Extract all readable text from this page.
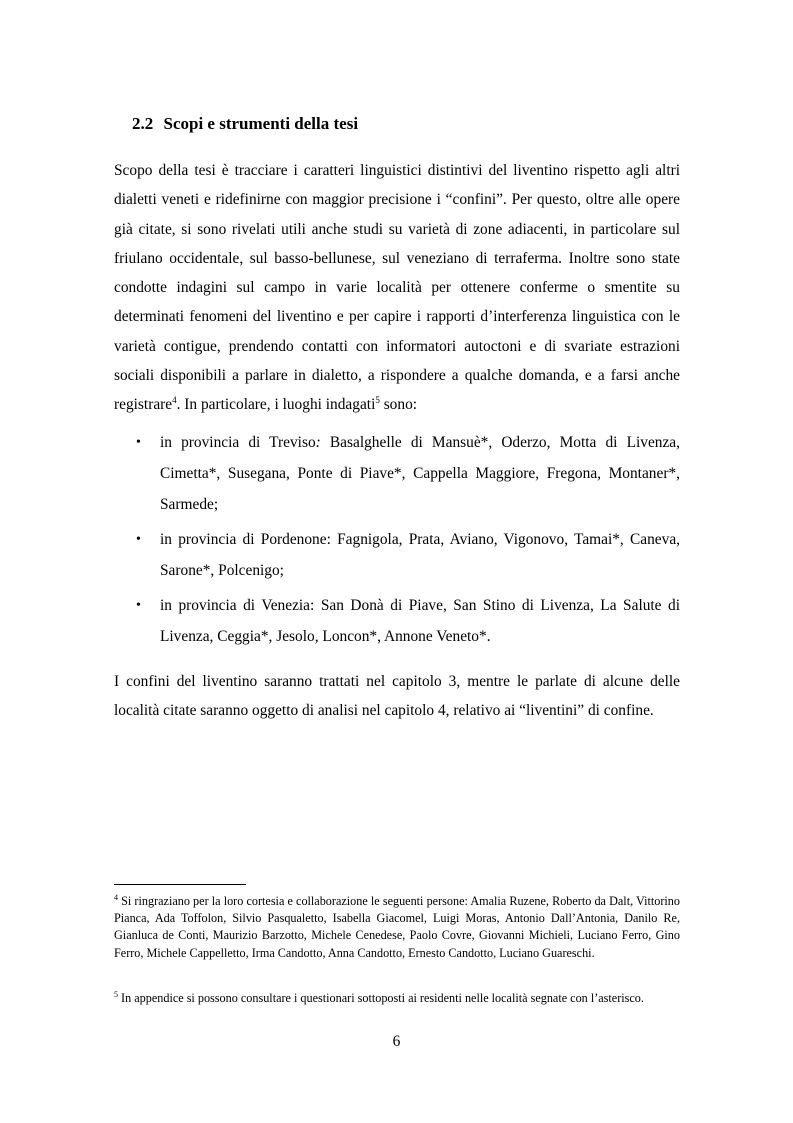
2.2 Scopi e strumenti della tesi

Scopo della tesi è tracciare i caratteri linguistici distintivi del liventino rispetto agli altri dialetti veneti e ridefinirne con maggior precisione i “confini”. Per questo, oltre alle opere già citate, si sono rivelati utili anche studi su varietà di zone adiacenti, in particolare sul friulano occidentale, sul basso-bellunese, sul veneziano di terraferma. Inoltre sono state condotte indagini sul campo in varie località per ottenere conferme o smentite su determinati fenomeni del liventino e per capire i rapporti d’interferenza linguistica con le varietà contigue, prendendo contatti con informatori autoctoni e di svariate estrazioni sociali disponibili a parlare in dialetto, a rispondere a qualche domanda, e a farsi anche registrare$^4$. In particolare, i luoghi indagati$^5$ sono:

• in provincia di Treviso: Basalghelle di Mansuè*, Oderzo, Motta di Livenza, Cimetta*, Susegana, Ponte di Piave*, Cappella Maggiore, Fregona, Montaner*, Sarmede;
• in provincia di Pordenone: Fagnigola, Prata, Aviano, Vigonovo, Tamai*, Caneva, Sarone*, Polcenigo;
• in provincia di Venezia: San Donà di Piave, San Stino di Livenza, La Salute di Livenza, Ceggia*, Jesolo, Loncon*, Annone Veneto*.

I confini del liventino saranno trattati nel capitolo 3, mentre le parlate di alcune delle località citate saranno oggetto di analisi nel capitolo 4, relativo ai “liventini” di confine.

$^4$ Si ringraziano per la loro cortesia e collaborazione le seguenti persone: Amalia Ruzene, Roberto da Dalt, Vittorino Pianca, Ada Toffolon, Silvio Pasqualetto, Isabella Giacomel, Luigi Moras, Antonio Dall’Antonia, Danilo Re, Gianluca de Conti, Maurizio Barzotto, Michele Cenedese, Paolo Covre, Giovanni Michieli, Luciano Ferro, Gino Ferro, Michele Cappelletto, Irma Candotto, Anna Candotto, Ernesto Candotto, Luciano Guareschi.

$^5$ In appendice si possono consultare i questionari sottoposti ai residenti nelle località segnate con l’asterisco.

6
